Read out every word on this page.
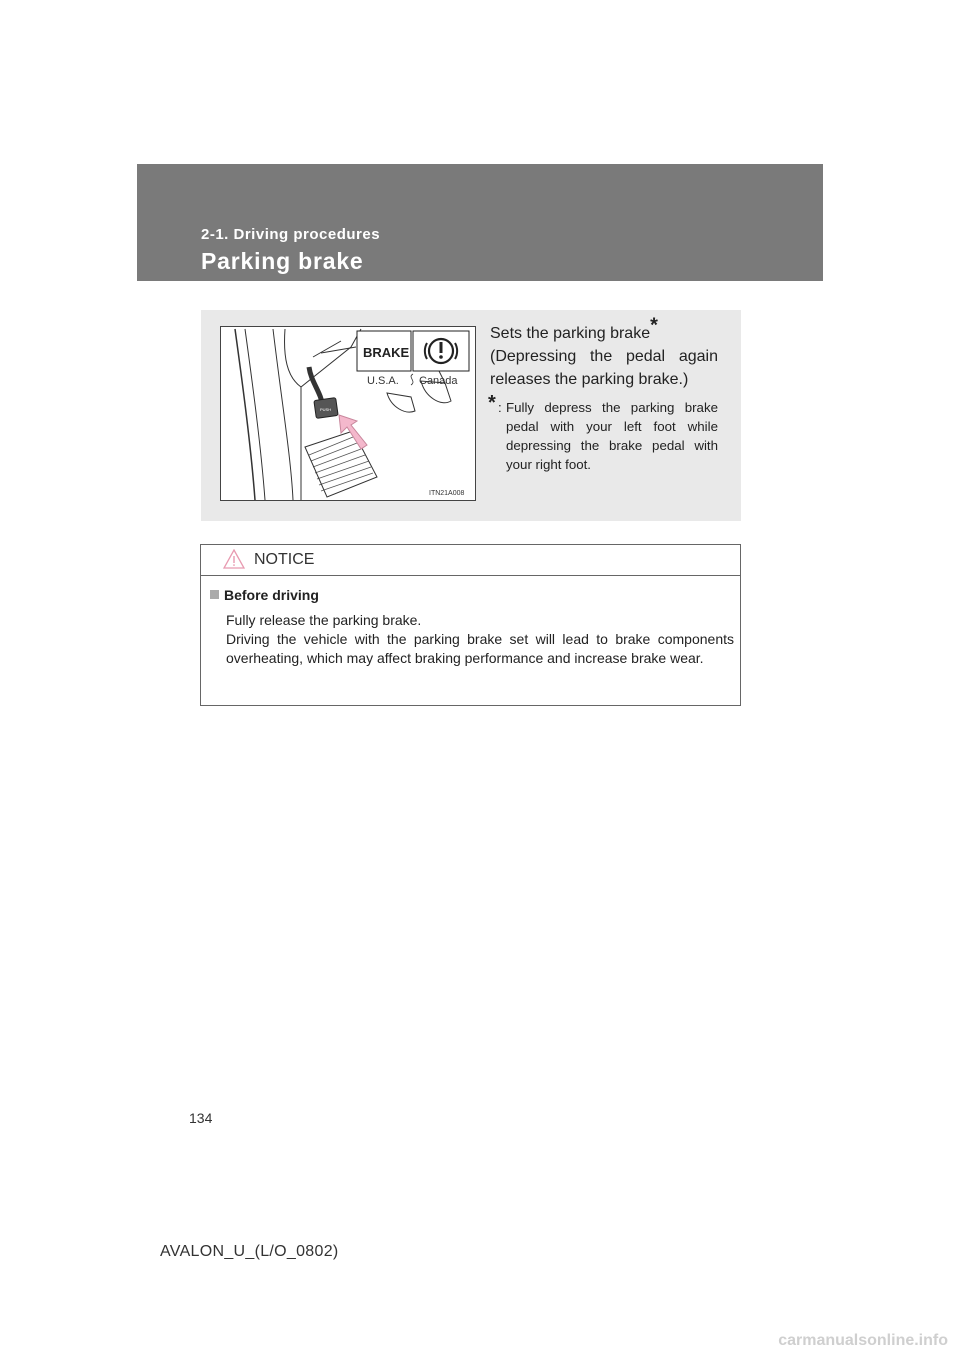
2-1. Driving procedures
Parking brake
PUSH
BRAKE
U.S.A. Canada
ITN21A008
Sets the parking brake*
(Depressing the pedal again releases the parking brake.)
* : Fully depress the parking brake pedal with your left foot while depressing the brake pedal with your right foot.
NOTICE
Before driving

Fully release the parking brake.

Driving the vehicle with the parking brake set will lead to brake components overheating, which may affect braking performance and increase brake wear.

134
AVALON_U_(L/O_0802)
carmanualsonline.info
